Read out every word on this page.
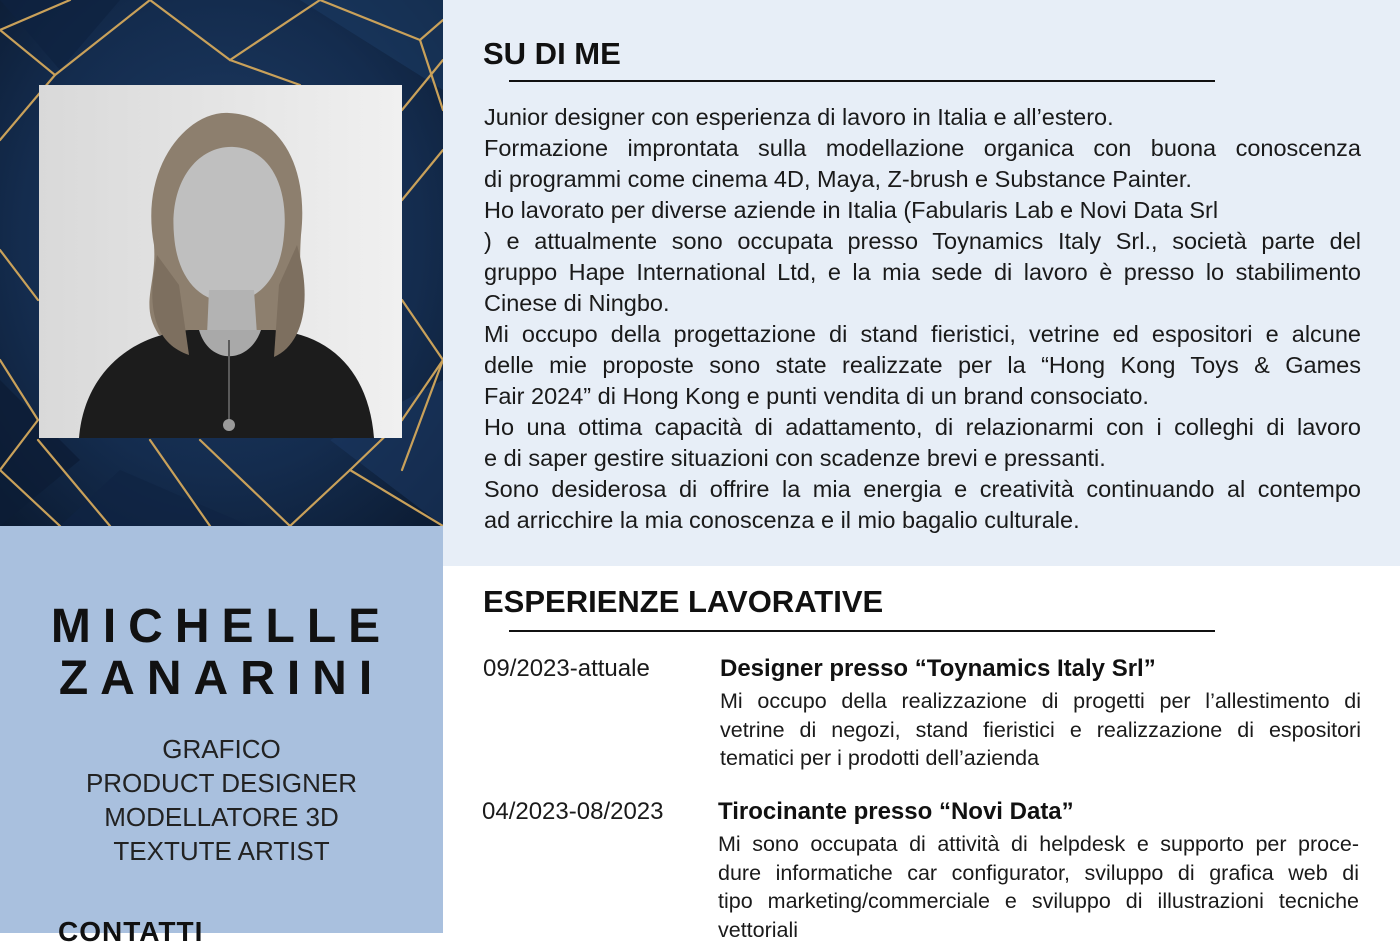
MICHELLE
ZANARINI
GRAFICO
PRODUCT DESIGNER
MODELLATORE 3D
TEXTUTE ARTIST
CONTATTI
SU DI ME
Junior designer con esperienza di lavoro in Italia e all’estero.
Formazione improntata sulla modellazione organica con buona conoscenza
di programmi come cinema 4D, Maya, Z-brush e Substance Painter.
Ho lavorato per diverse aziende in Italia (Fabularis Lab e Novi Data Srl
) e attualmente sono occupata presso Toynamics Italy Srl., società parte del
gruppo Hape International Ltd, e la mia sede di lavoro è presso lo stabilimento
Cinese di Ningbo.
Mi occupo della progettazione di stand fieristici, vetrine ed espositori e alcune
delle mie proposte sono state realizzate per la “Hong Kong Toys & Games
Fair 2024” di Hong Kong e punti vendita di un brand consociato.
Ho una ottima capacità di adattamento, di relazionarmi con i colleghi di lavoro
e di saper gestire situazioni con scadenze brevi e pressanti.
Sono desiderosa di offrire la mia energia e creatività continuando al contempo
ad arricchire la mia conoscenza e il mio bagalio culturale.
ESPERIENZE LAVORATIVE
09/2023-attuale	Designer presso “Toynamics Italy Srl”
Mi occupo della realizzazione di progetti per l’allestimento di
vetrine di negozi, stand fieristici e realizzazione di espositori
tematici per i prodotti dell’azienda
04/2023-08/2023 Tirocinante presso “Novi Data”
Mi sono occupata di attività di helpdesk e supporto per proce-
dure informatiche car configurator, sviluppo di grafica web di
tipo marketing/commerciale e sviluppo di illustrazioni tecniche
vettoriali
